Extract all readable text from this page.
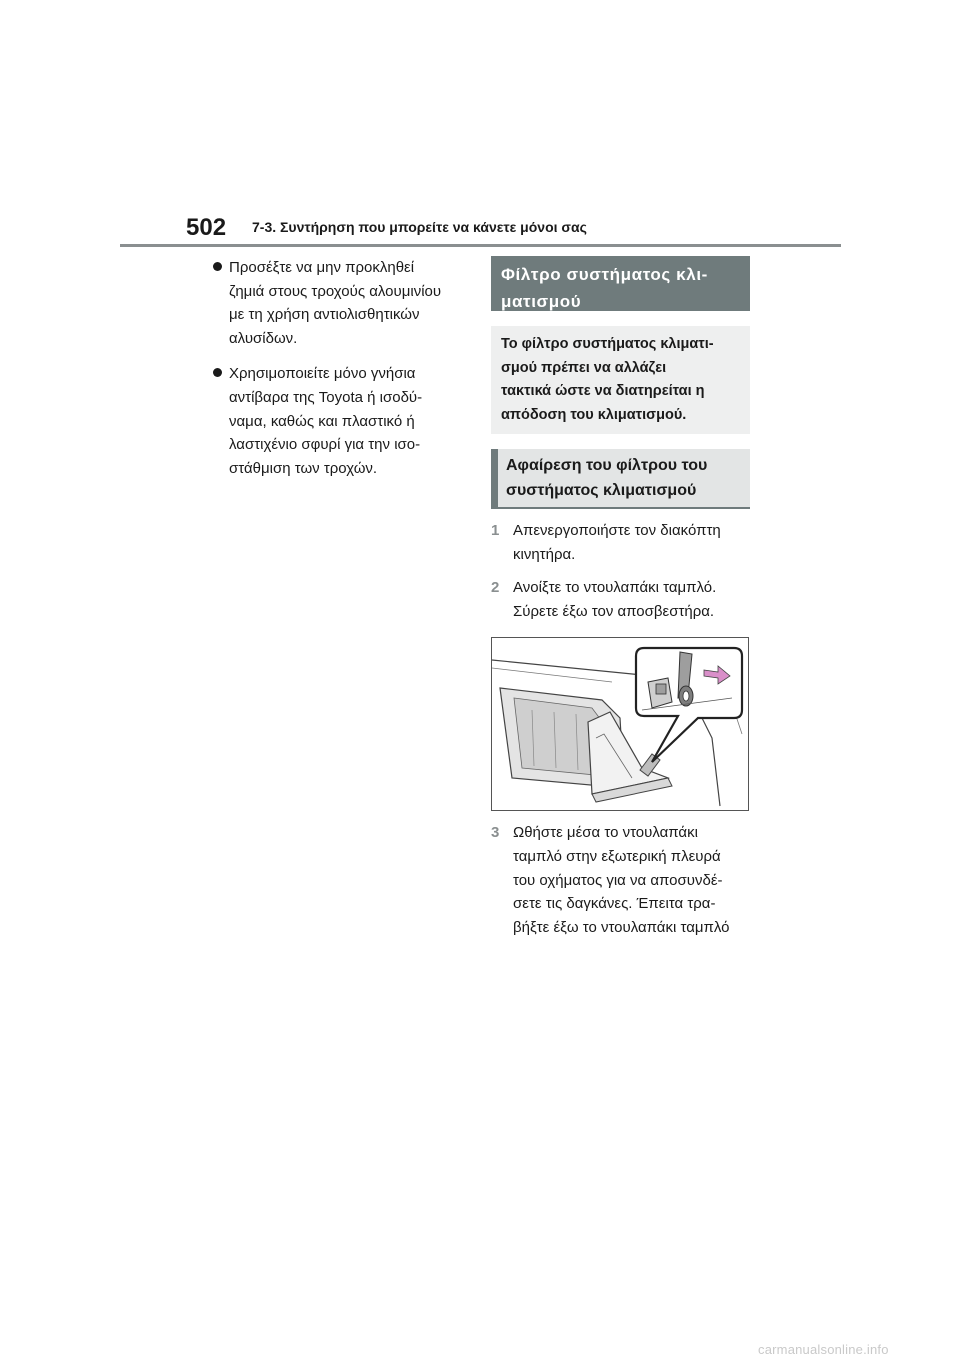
502 7-3. Συντήρηση που μπορείτε να κάνετε μόνοι σας
Προσέξτε να μην προκληθεί
ζημιά στους τροχούς αλουμινίου
με τη χρήση αντιολισθητικών
αλυσίδων.
Χρησιμοποιείτε μόνο γνήσια
αντίβαρα της Toyota ή ισοδύ-
ναμα, καθώς και πλαστικό ή
λαστιχένιο σφυρί για την ισο-
στάθμιση των τροχών.
Φίλτρο συστήματος κλι-
ματισμού
Το φίλτρο συστήματος κλιματι-
σμού πρέπει να αλλάζει
τακτικά ώστε να διατηρείται η
απόδοση του κλιματισμού.
Αφαίρεση του φίλτρου του
συστήματος κλιματισμού
1 Απενεργοποιήστε τον διακόπτη
κινητήρα.
2 Ανοίξτε το ντουλαπάκι ταμπλό.
Σύρετε έξω τον αποσβεστήρα.
3 Ωθήστε μέσα το ντουλαπάκι
ταμπλό στην εξωτερική πλευρά
του οχήματος για να αποσυνδέ-
σετε τις δαγκάνες. Έπειτα τρα-
βήξτε έξω το ντουλαπάκι ταμπλό
carmanualsonline.info
